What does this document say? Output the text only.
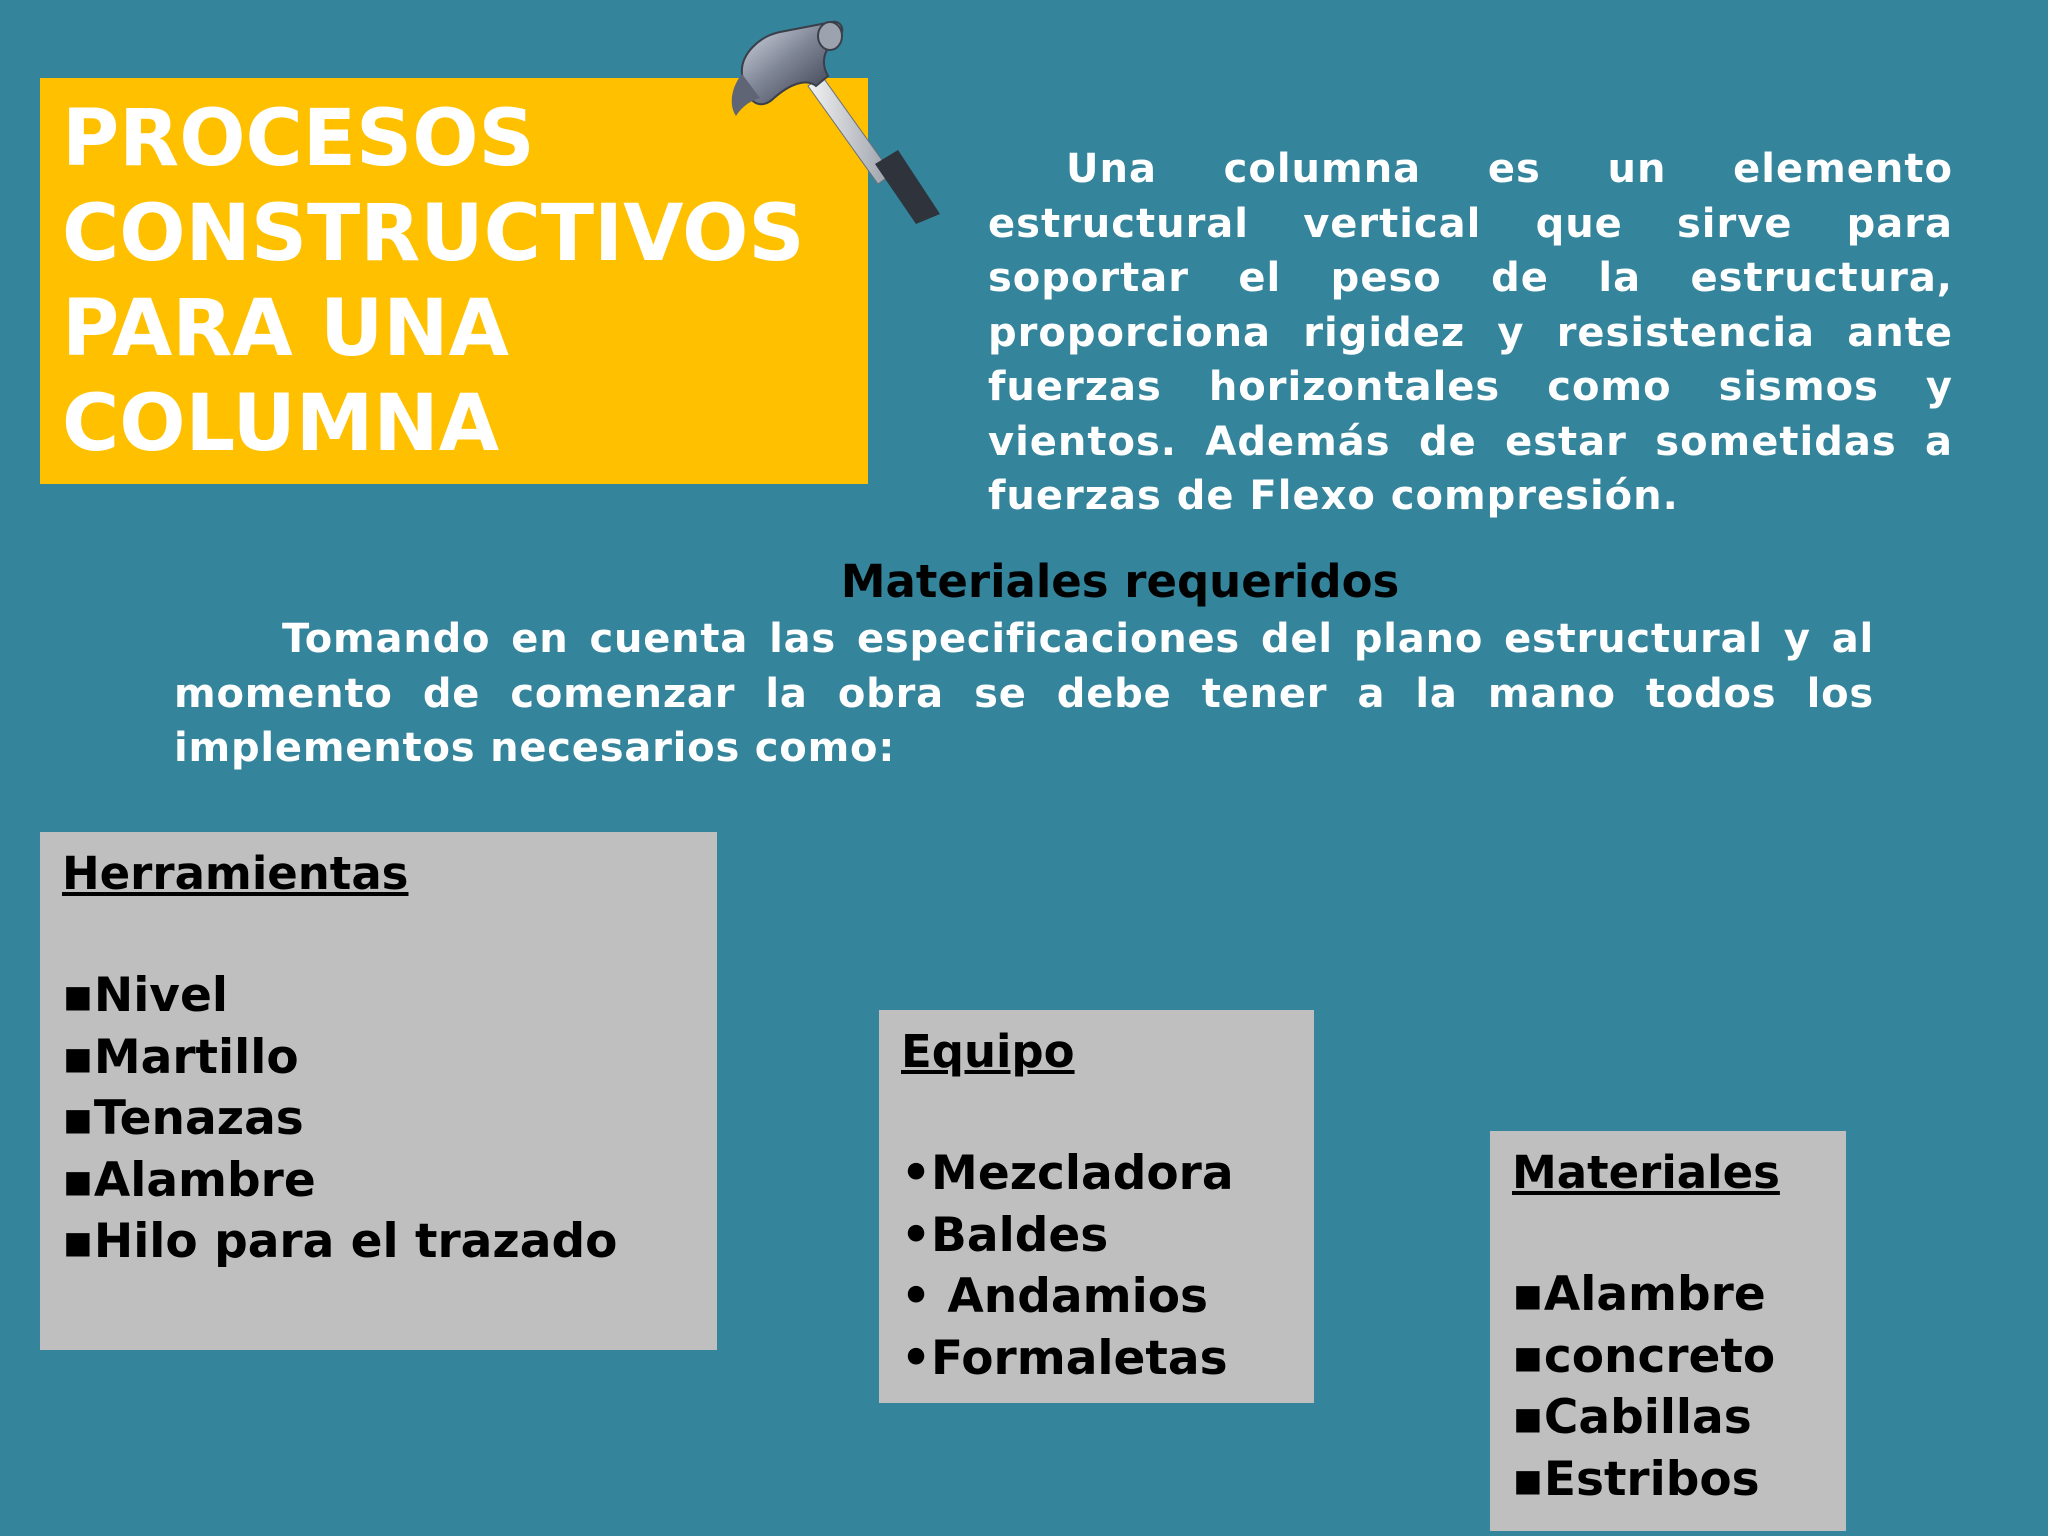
PROCESOS
CONSTRUCTIVOS
PARA UNA
COLUMNA

Una columna es un elemento estructural vertical que sirve para soportar el peso de la estructura, proporciona rigidez y resistencia ante fuerzas horizontales como sismos y vientos. Además de estar sometidas a fuerzas de Flexo compresión.

Materiales requeridos

Tomando en cuenta las especificaciones del plano estructural y al momento de comenzar la obra se debe tener a la mano todos los implementos necesarios como:

Herramientas
▪Nivel
▪Martillo
▪Tenazas
▪Alambre
▪Hilo para el trazado
Equipo
•Mezcladora
•Baldes
• Andamios
•Formaletas
Materiales
▪Alambre
▪concreto
▪Cabillas
▪Estribos
